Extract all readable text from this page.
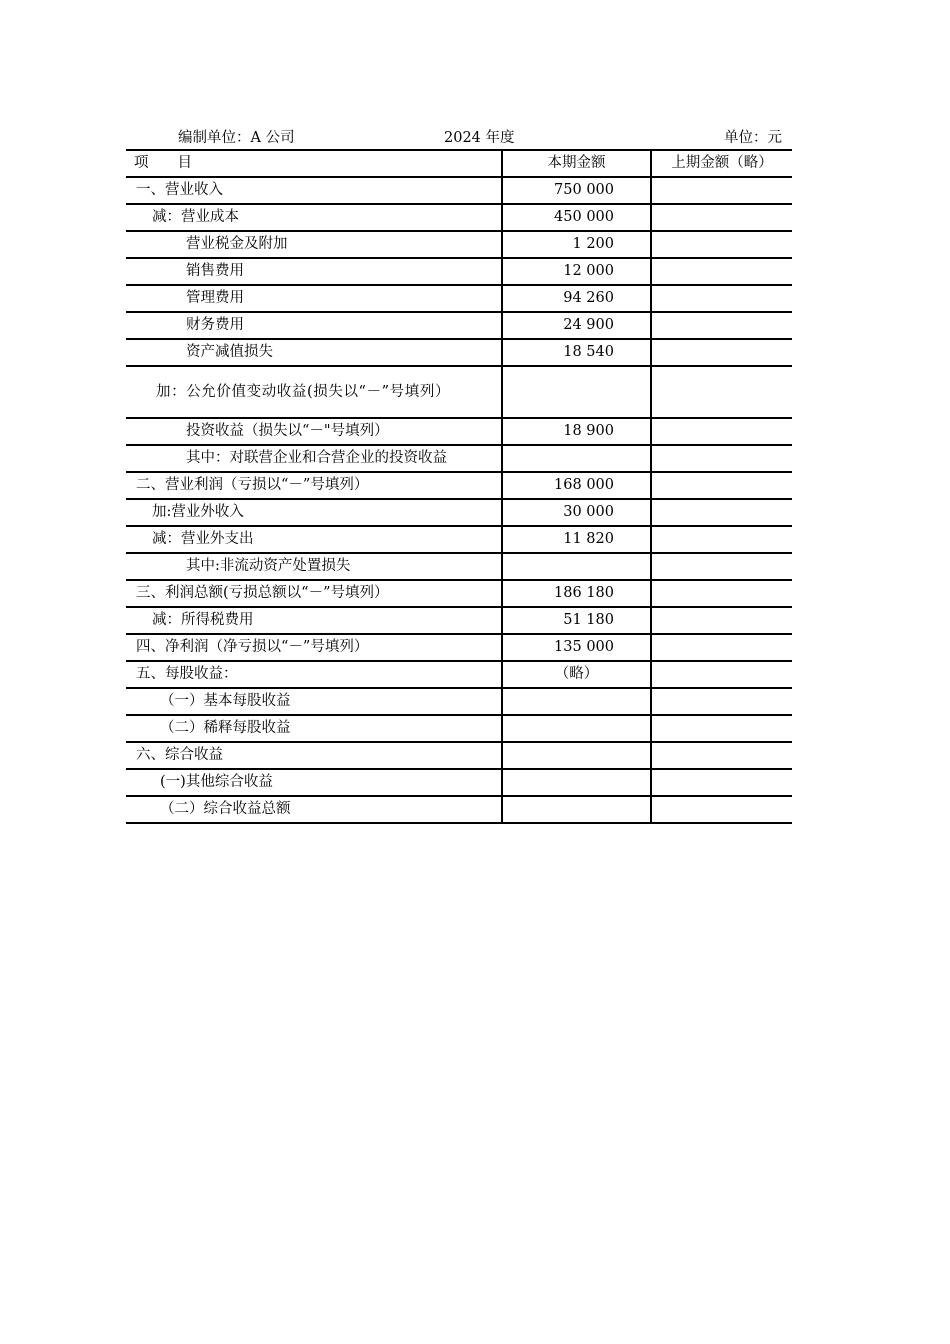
编制单位：A 公司	2024 年度	单位：元
项　　目	本期金额	上期金额（略）
一、营业收入	750 000	
减：营业成本	450 000	
营业税金及附加	1 200	
销售费用	12 000	
管理费用	94 260	
财务费用	24 900	
资产减值损失	18 540	
加：公允价值变动收益(损失以“－”号填列）		
投资收益（损失以“－"号填列）	18 900	
其中：对联营企业和合营企业的投资收益		
二、营业利润（亏损以“－”号填列）	168 000	
加:营业外收入	30 000	
减：营业外支出	11 820	
其中:非流动资产处置损失		
三、利润总额(亏损总额以“－”号填列）	186 180	
减：所得税费用	51 180	
四、净利润（净亏损以“－”号填列）	135 000	
五、每股收益：	（略）	
（一）基本每股收益		
（二）稀释每股收益		
六、综合收益		
(一)其他综合收益		
（二）综合收益总额		
